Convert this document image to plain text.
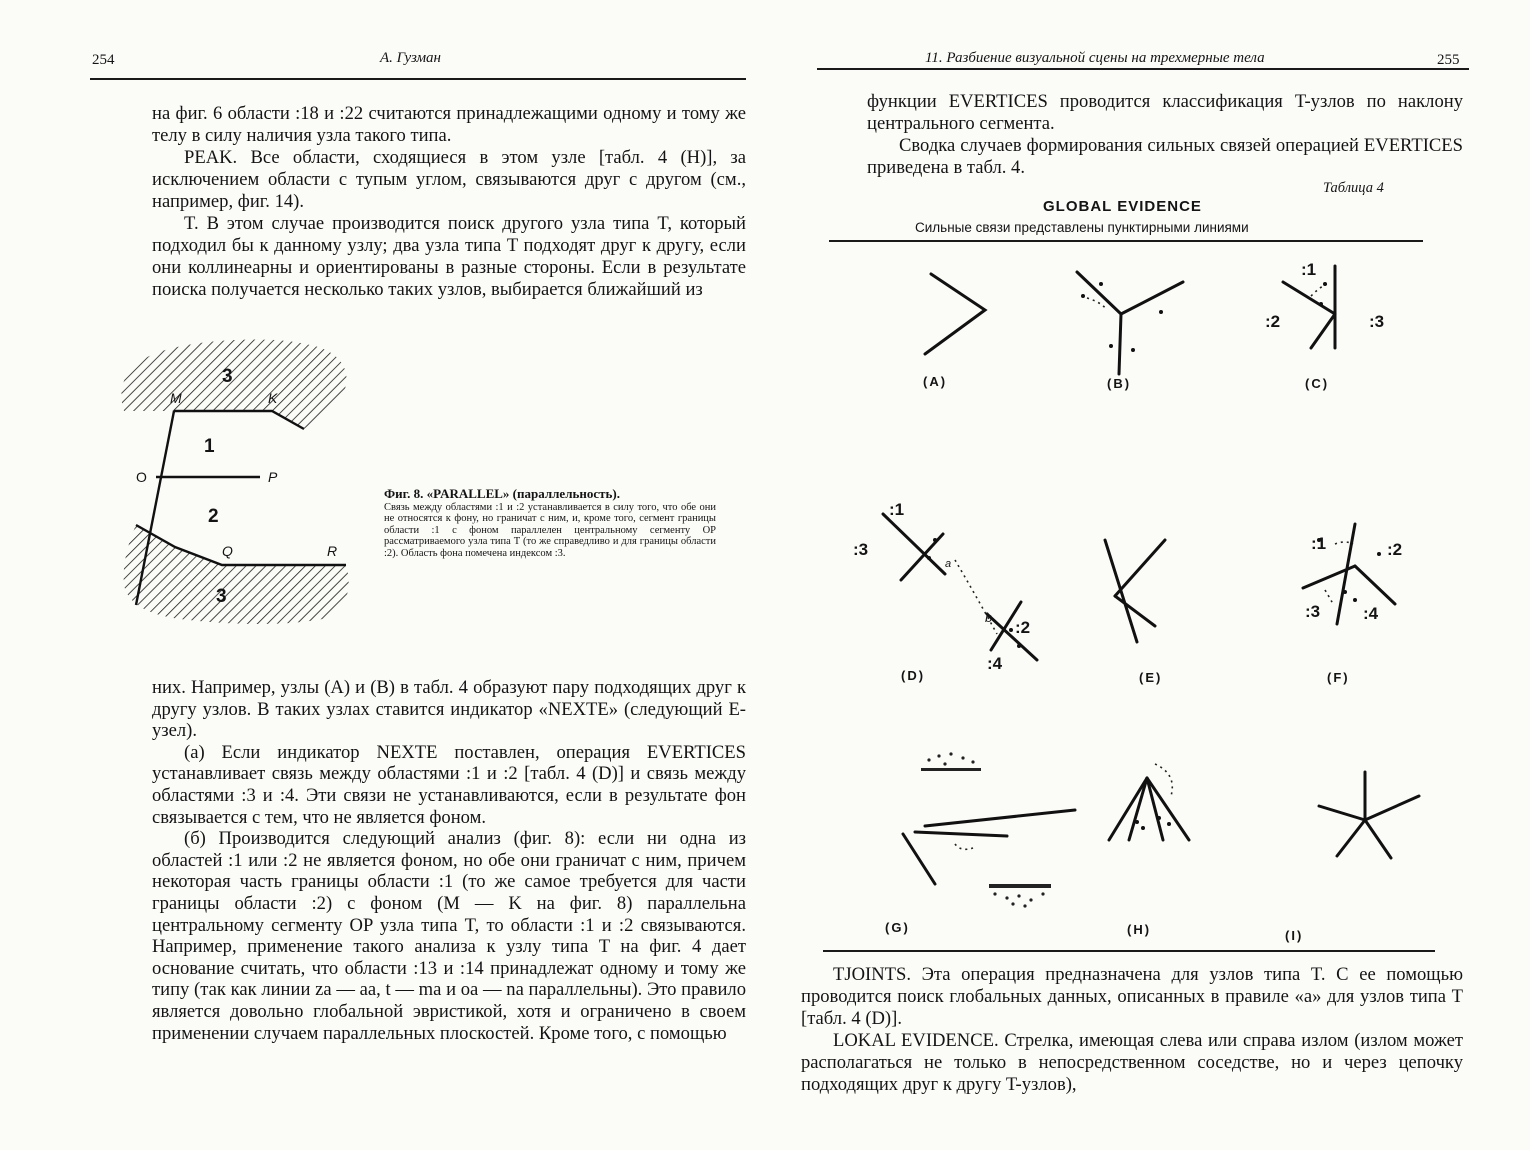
254	А. Гузман

на фиг. 6 области :18 и :22 считаются принадлежащими одному и тому же телу в силу наличия узла такого типа.

PEAK. Все области, сходящиеся в этом узле [табл. 4 (H)], за исключением области с тупым углом, связываются друг с другом (см., например, фиг. 14).

T. В этом случае производится поиск другого узла типа T, который подходил бы к данному узлу; два узла типа T подходят друг к другу, если они коллинеарны и ориентированы в разные стороны. Если в результате поиска получается несколько таких узлов, выбирается ближайший из

3
M	K
1
O	P
2
Q	R
3
Фиг. 8. «PARALLEL» (параллельность).
Связь между областями :1 и :2 устанавливается в силу того, что обе они не относятся к фону, но граничат с ним, и, кроме того, сегмент границы области :1 с фоном параллелен центральному сегменту OP рассматриваемого узла типа T (то же справедливо и для границы области :2). Область фона помечена индексом :3.

них. Например, узлы (A) и (B) в табл. 4 образуют пару подходящих друг к другу узлов. В таких узлах ставится индикатор «NEXTE» (следующий E-узел).

(а) Если индикатор NEXTE поставлен, операция EVERTICES устанавливает связь между областями :1 и :2 [табл. 4 (D)] и связь между областями :3 и :4. Эти связи не устанавливаются, если в результате фон связывается с тем, что не является фоном.

(б) Производится следующий анализ (фиг. 8): если ни одна из областей :1 или :2 не является фоном, но обе они граничат с ним, причем некоторая часть границы области :1 (то же самое требуется для части границы области :2) с фоном (M — K на фиг. 8) параллельна центральному сегменту OP узла типа T, то области :1 и :2 связываются. Например, применение такого анализа к узлу типа T на фиг. 4 дает основание считать, что области :13 и :14 принадлежат одному и тому же типу (так как линии za — aa, t — ma и oa — na параллельны). Это правило является довольно глобальной эвристикой, хотя и ограничено в своем применении случаем параллельных плоскостей. Кроме того, с помощью

11. Разбиение визуальной сцены на трехмерные тела	255

функции EVERTICES проводится классификация T-узлов по наклону центрального сегмента.

Сводка случаев формирования сильных связей операцией EVERTICES приведена в табл. 4.

Таблица 4
GLOBAL EVIDENCE
Сильные связи представлены пунктирными линиями
:1
:2	:3
:1
:3
a
b
:2
:4
:1	:2
:3	:4
(A)	(B)	(C)
(D)	(E)	(F)
(G)	(H)	(I)

TJOINTS. Эта операция предназначена для узлов типа T. С ее помощью проводится поиск глобальных данных, описанных в правиле «а» для узлов типа T [табл. 4 (D)].

LOKAL EVIDENCE. Стрелка, имеющая слева или справа излом (излом может располагаться не только в непосредственном соседстве, но и через цепочку подходящих друг к другу T-узлов),
